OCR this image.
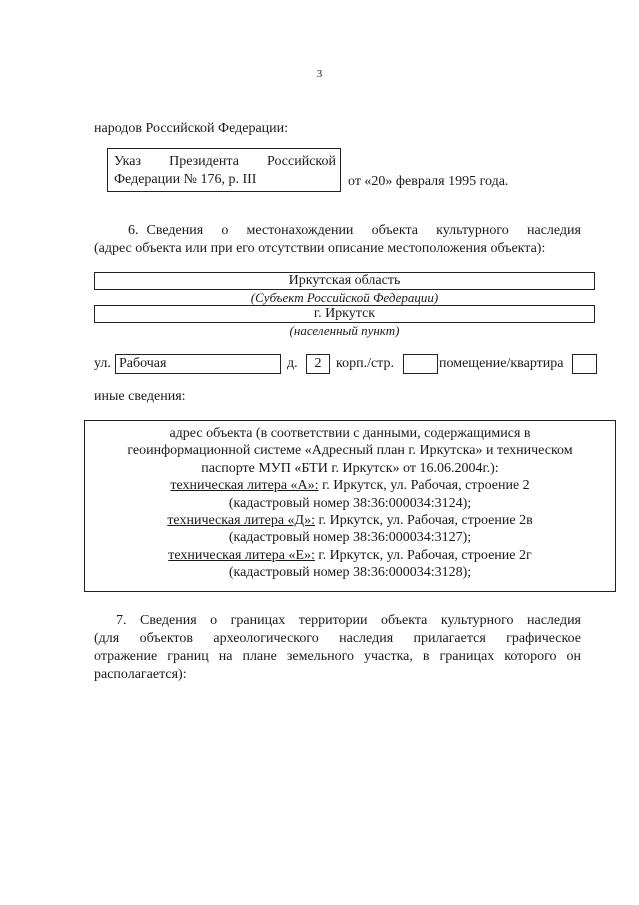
3
народов Российской Федерации:
Указ Президента Российской
Федерации № 176, р. III	от «20» февраля 1995 года.
6. Сведения о местонахождении объекта культурного наследия
(адрес объекта или при его отсутствии описание местоположения объекта):
Иркутская область
(Субъект Российской Федерации)
г. Иркутск
(населенный пункт)
ул. Рабочая	д.	2	корп./стр.	помещение/квартира
иные сведения:
адрес объекта (в соответствии с данными, содержащимися в
геоинформационной системе «Адресный план г. Иркутска» и техническом
паспорте МУП «БТИ г. Иркутск» от 16.06.2004г.):
техническая литера «А»: г. Иркутск, ул. Рабочая, строение 2
(кадастровый номер 38:36:000034:3124);
техническая литера «Д»: г. Иркутск, ул. Рабочая, строение 2в
(кадастровый номер 38:36:000034:3127);
техническая литера «Е»: г. Иркутск, ул. Рабочая, строение 2г
(кадастровый номер 38:36:000034:3128);
7. Сведения о границах территории объекта культурного наследия
(для объектов археологического наследия прилагается графическое
отражение границ на плане земельного участка, в границах которого он
располагается):
